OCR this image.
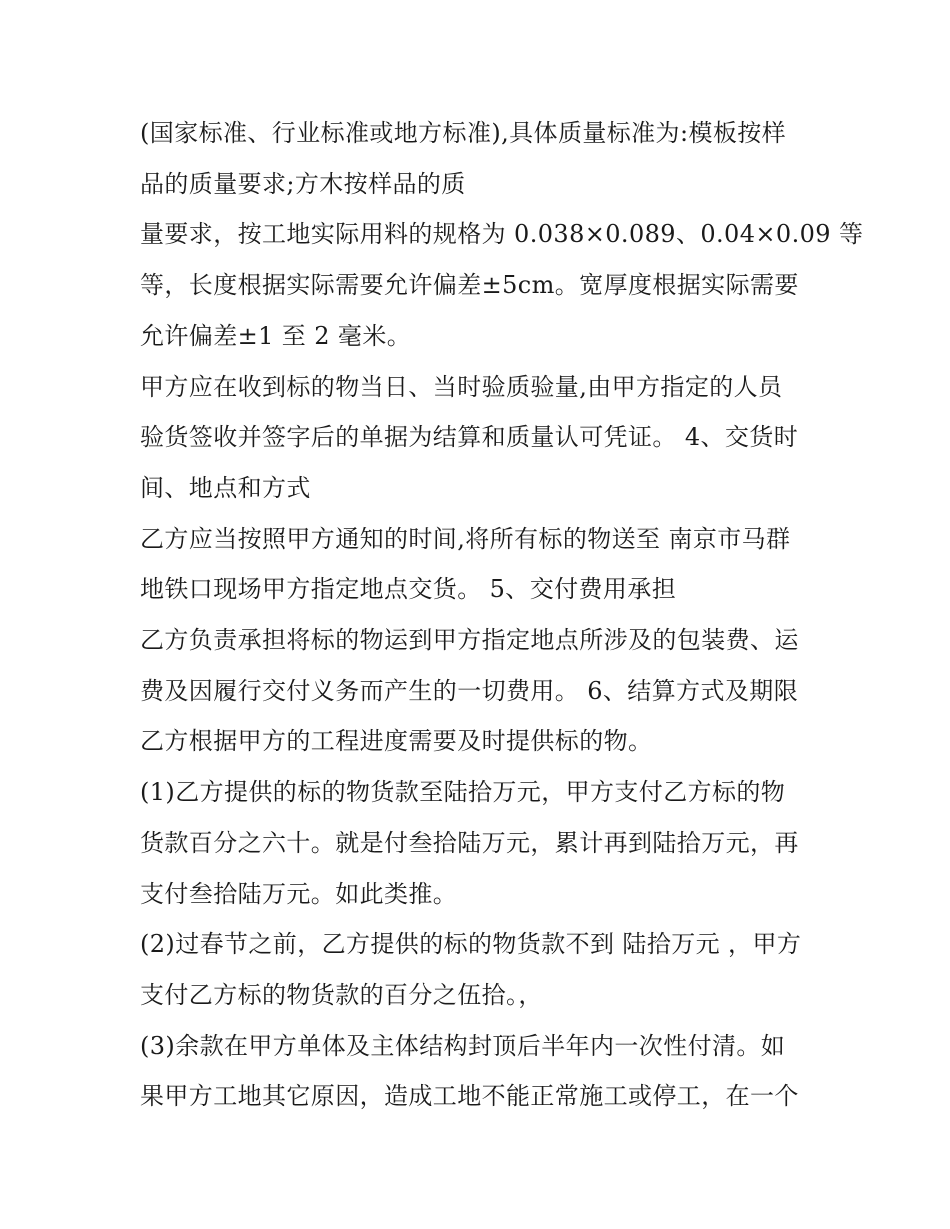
(国家标准、行业标准或地方标准),具体质量标准为:模板按样
品的质量要求;方木按样品的质
量要求，按工地实际用料的规格为 0.038×0.089、0.04×0.09 等
等，长度根据实际需要允许偏差±5cm。宽厚度根据实际需要
允许偏差±1 至 2 毫米。
甲方应在收到标的物当日、当时验质验量,由甲方指定的人员
验货签收并签字后的单据为结算和质量认可凭证。 4、交货时
间、地点和方式
乙方应当按照甲方通知的时间,将所有标的物送至 南京市马群
地铁口现场甲方指定地点交货。 5、交付费用承担
乙方负责承担将标的物运到甲方指定地点所涉及的包装费、运
费及因履行交付义务而产生的一切费用。 6、结算方式及期限
乙方根据甲方的工程进度需要及时提供标的物。
(1)乙方提供的标的物货款至陆拾万元，甲方支付乙方标的物
货款百分之六十。就是付叁拾陆万元，累计再到陆拾万元，再
支付叁拾陆万元。如此类推。
(2)过春节之前，乙方提供的标的物货款不到 陆拾万元 ，甲方
支付乙方标的物货款的百分之伍拾。，
(3)余款在甲方单体及主体结构封顶后半年内一次性付清。如
果甲方工地其它原因，造成工地不能正常施工或停工，在一个
